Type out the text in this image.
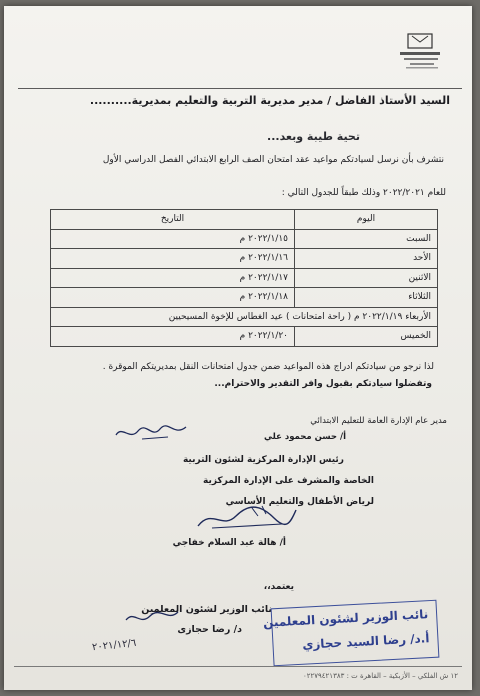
السيد الأستاذ الفاضل / مدير مديرية التربية والتعليم بمديرية..........
تحية طيبة وبعد...
نتشرف بأن نرسل لسيادتكم مواعيد عقد امتحان الصف الرابع الابتدائي الفصل الدراسي الأول
للعام ٢٠٢٢/٢٠٢١ وذلك طبقاً للجدول التالي :
اليوم	التاريخ
السبت	٢٠٢٢/١/١٥ م
الأحد	٢٠٢٢/١/١٦ م
الاثنين	٢٠٢٢/١/١٧ م
الثلاثاء	٢٠٢٢/١/١٨ م
الأربعاء ٢٠٢٢/١/١٩ م ( راحة امتحانات ) عيد الغطاس للإخوة المسيحيين	
الخميس	٢٠٢٢/١/٢٠ م
لذا نرجو من سيادتكم ادراج هذه المواعيد ضمن جدول امتحانات النقل بمديريتكم الموقرة .
وتفضلوا سيادتكم بقبول وافر التقدير والاحترام...
مدير عام الإدارة العامة للتعليم الابتدائي
أ/ حسن محمود علي
رئيس الإدارة المركزية لشئون التربية
الخاصة والمشرف على الإدارة المركزية
لرياض الأطفال والتعليم الأساسي
أ/ هالة عبد السلام خفاجي
يعتمد،،
نائب الوزير لشئون المعلمين
د/ رضا حجازى
٢٠٢١/١٢/٦
نائب الوزير لشئون المعلمين
أ.د/ رضا السيد حجازي
١٢ ش الفلكي – الأزبكية – القاهرة ت : ٠٢٢٧٩٤٢١٣٨٣
